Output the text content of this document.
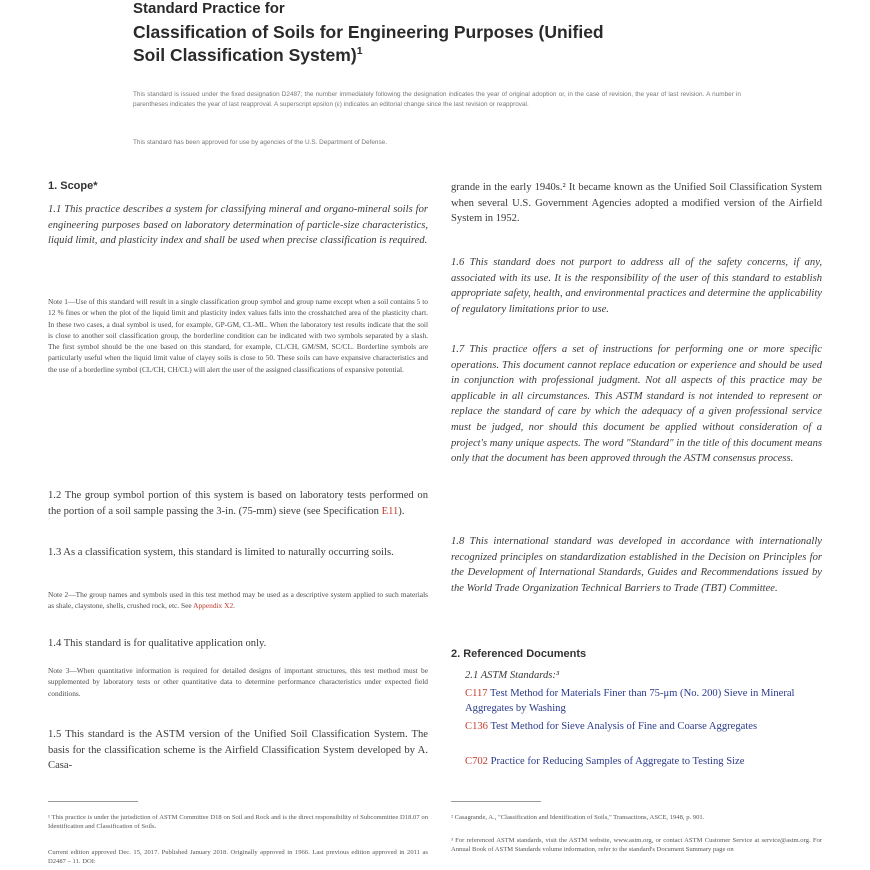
Standard Practice for
Classification of Soils for Engineering Purposes (Unified
Soil Classification System)$^1$
This standard is issued under the fixed designation D2487; the number immediately following the designation indicates the year of original adoption or, in the case of revision, the year of last revision. A number in parentheses indicates the year of last reapproval. A superscript epsilon (ε) indicates an editorial change since the last revision or reapproval.
This standard has been approved for use by agencies of the U.S. Department of Defense.
1. Scope*
1.1 This practice describes a system for classifying mineral and organo-mineral soils for engineering purposes based on laboratory determination of particle-size characteristics, liquid limit, and plasticity index and shall be used when precise classification is required.
Note 1—Use of this standard will result in a single classification group symbol and group name except when a soil contains 5 to 12 % fines or when the plot of the liquid limit and plasticity index values falls into the crosshatched area of the plasticity chart. In these two cases, a dual symbol is used, for example, GP-GM, CL-ML. When the laboratory test results indicate that the soil is close to another soil classification group, the borderline condition can be indicated with two symbols separated by a slash. The first symbol should be the one based on this standard, for example, CL/CH, GM/SM, SC/CL. Borderline symbols are particularly useful when the liquid limit value of clayey soils is close to 50. These soils can have expansive characteristics and the use of a borderline symbol (CL/CH, CH/CL) will alert the user of the assigned classifications of expansive potential.
1.2 The group symbol portion of this system is based on laboratory tests performed on the portion of a soil sample passing the 3-in. (75-mm) sieve (see Specification E11).
1.3 As a classification system, this standard is limited to naturally occurring soils.
Note 2—The group names and symbols used in this test method may be used as a descriptive system applied to such materials as shale, claystone, shells, crushed rock, etc. See Appendix X2.
1.4 This standard is for qualitative application only.
Note 3—When quantitative information is required for detailed designs of important structures, this test method must be supplemented by laboratory tests or other quantitative data to determine performance characteristics under expected field conditions.
1.5 This standard is the ASTM version of the Unified Soil Classification System. The basis for the classification scheme is the Airfield Classification System developed by A. Casa-
grande in the early 1940s.² It became known as the Unified Soil Classification System when several U.S. Government Agencies adopted a modified version of the Airfield System in 1952.
1.6 This standard does not purport to address all of the safety concerns, if any, associated with its use. It is the responsibility of the user of this standard to establish appropriate safety, health, and environmental practices and determine the applicability of regulatory limitations prior to use.
1.7 This practice offers a set of instructions for performing one or more specific operations. This document cannot replace education or experience and should be used in conjunction with professional judgment. Not all aspects of this practice may be applicable in all circumstances. This ASTM standard is not intended to represent or replace the standard of care by which the adequacy of a given professional service must be judged, nor should this document be applied without consideration of a project's many unique aspects. The word "Standard" in the title of this document means only that the document has been approved through the ASTM consensus process.
1.8 This international standard was developed in accordance with internationally recognized principles on standardization established in the Decision on Principles for the Development of International Standards, Guides and Recommendations issued by the World Trade Organization Technical Barriers to Trade (TBT) Committee.
2. Referenced Documents
2.1 ASTM Standards:³
C117 Test Method for Materials Finer than 75-μm (No. 200) Sieve in Mineral Aggregates by Washing
C136 Test Method for Sieve Analysis of Fine and Coarse Aggregates
C702 Practice for Reducing Samples of Aggregate to Testing Size
¹ This practice is under the jurisdiction of ASTM Committee D18 on Soil and Rock and is the direct responsibility of Subcommittee D18.07 on Identification and Classification of Soils.
Current edition approved Dec. 15, 2017. Published January 2018. Originally approved in 1966. Last previous edition approved in 2011 as D2487 – 11. DOI:
² Casagrande, A., "Classification and Identification of Soils," Transactions, ASCE, 1948, p. 901.
³ For referenced ASTM standards, visit the ASTM website, www.astm.org, or contact ASTM Customer Service at service@astm.org. For Annual Book of ASTM Standards volume information, refer to the standard's Document Summary page on
